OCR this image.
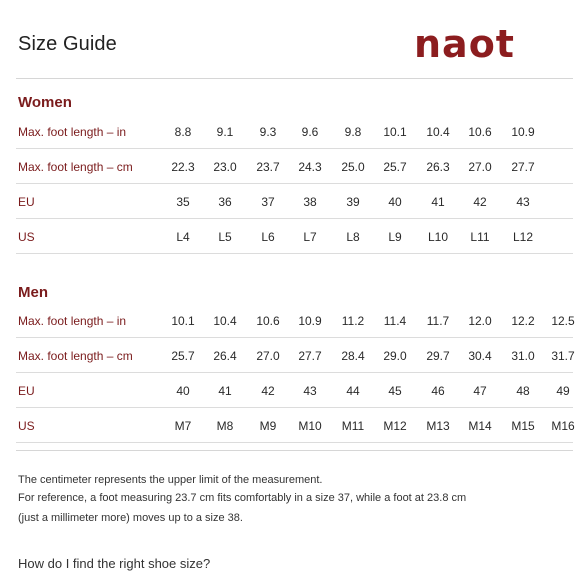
Size Guide	naot
Women
Max. foot length – in	8.8	9.1	9.3	9.6	9.8	10.1	10.4	10.6	10.9
Max. foot length – cm	22.3	23.0	23.7	24.3	25.0	25.7	26.3	27.0	27.7
EU	35	36	37	38	39	40	41	42	43
US	L4	L5	L6	L7	L8	L9	L10	L11	L12
Men
Max. foot length – in	10.1	10.4	10.6	10.9	11.2	11.4	11.7	12.0	12.2	12.5
Max. foot length – cm	25.7	26.4	27.0	27.7	28.4	29.0	29.7	30.4	31.0	31.7
EU	40	41	42	43	44	45	46	47	48	49
US	M7	M8	M9	M10	M11	M12	M13	M14	M15	M16
The centimeter represents the upper limit of the measurement.
For reference, a foot measuring 23.7 cm fits comfortably in a size 37, while a foot at 23.8 cm
(just a millimeter more) moves up to a size 38.
How do I find the right shoe size?
